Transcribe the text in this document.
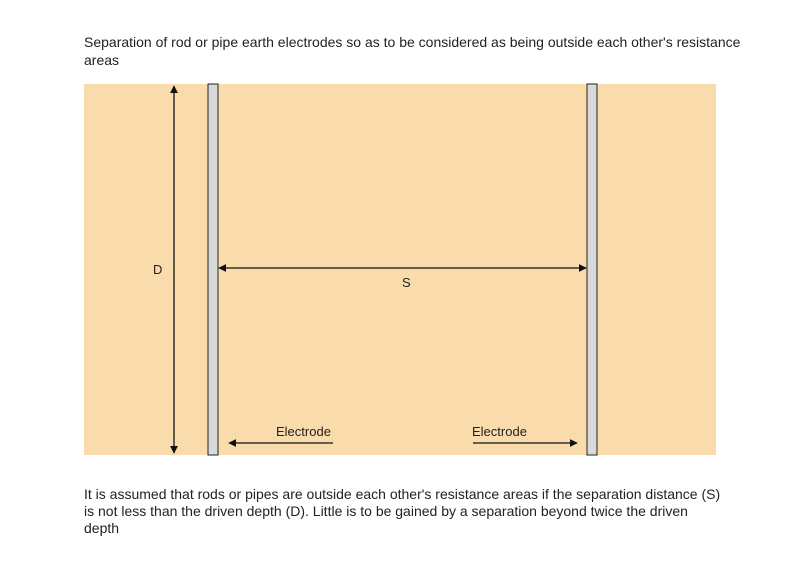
Separation of rod or pipe earth electrodes so as to be considered as being outside each other's resistance areas
D
S
Electrode	Electrode
It is assumed that rods or pipes are outside each other's resistance areas if the separation distance (S) is not less than the driven depth (D). Little is to be gained by a separation beyond twice the driven depth
